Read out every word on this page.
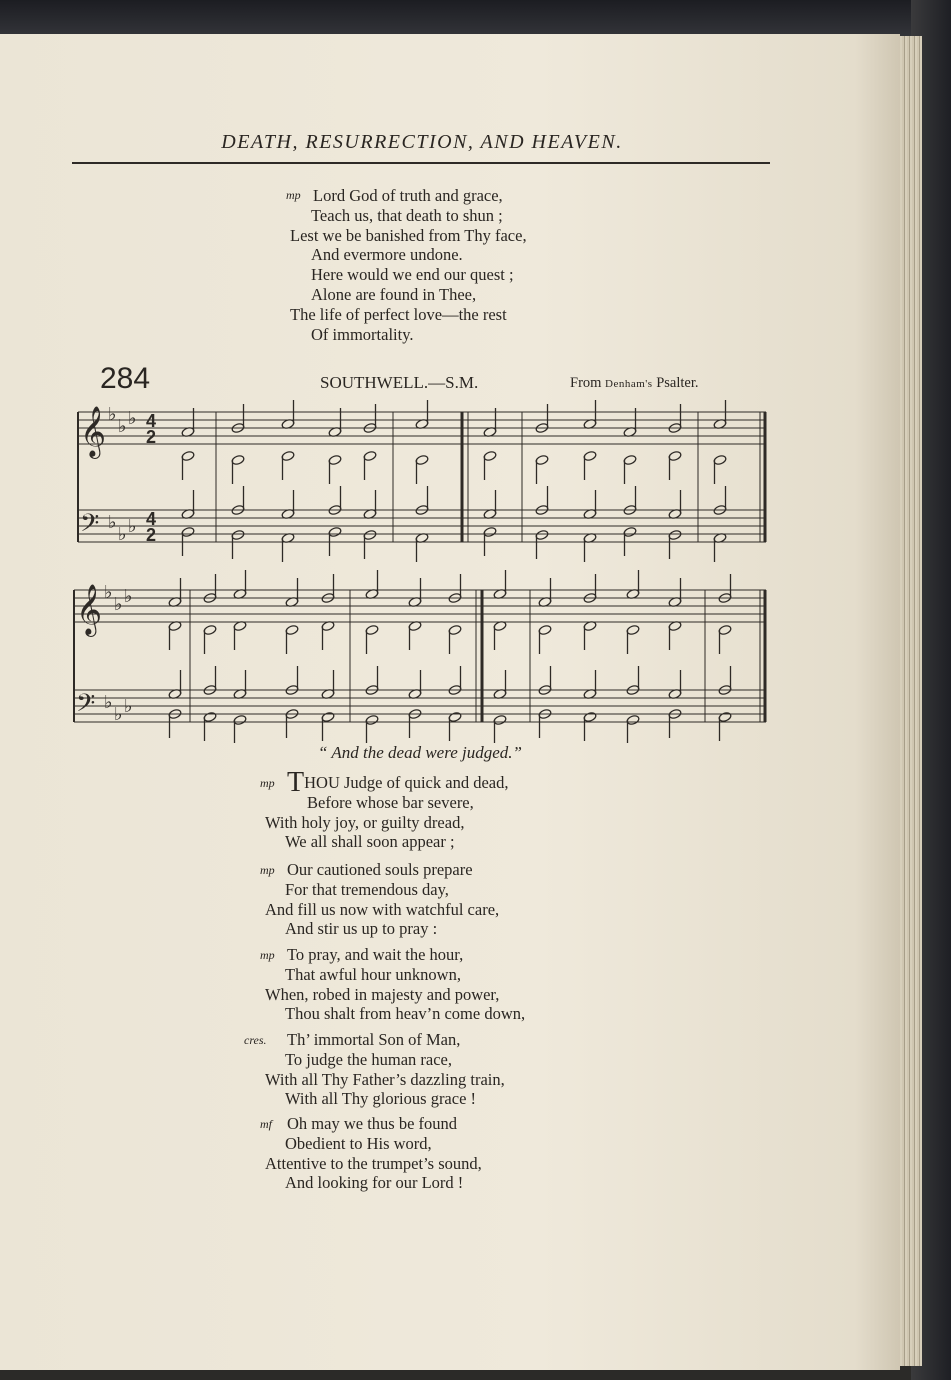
DEATH, RESURRECTION, AND HEAVEN.
mp Lord God of truth and grace,
Teach us, that death to shun ;
Lest we be banished from Thy face,
And evermore undone.
Here would we end our quest ;
Alone are found in Thee,
The life of perfect love—the rest
Of immortality.
284	SOUTHWELL.—S.M.	From Denham's Psalter.
𝄞
𝄢
𝄞
𝄢
♭
♭ ♭
♭
♭ ♭
♭
♭ ♭
♭
♭ ♭
4
2
4
2
“ And the dead were judged.”
mp THOU Judge of quick and dead,
Before whose bar severe,
With holy joy, or guilty dread,
We all shall soon appear ;
mp Our cautioned souls prepare
For that tremendous day,
And fill us now with watchful care,
And stir us up to pray :
mp To pray, and wait the hour,
That awful hour unknown,
When, robed in majesty and power,
Thou shalt from heav’n come down,
cres.	Th’ immortal Son of Man,
To judge the human race,
With all Thy Father’s dazzling train,
With all Thy glorious grace !
mf Oh may we thus be found
Obedient to His word,
Attentive to the trumpet’s sound,
And looking for our Lord !
